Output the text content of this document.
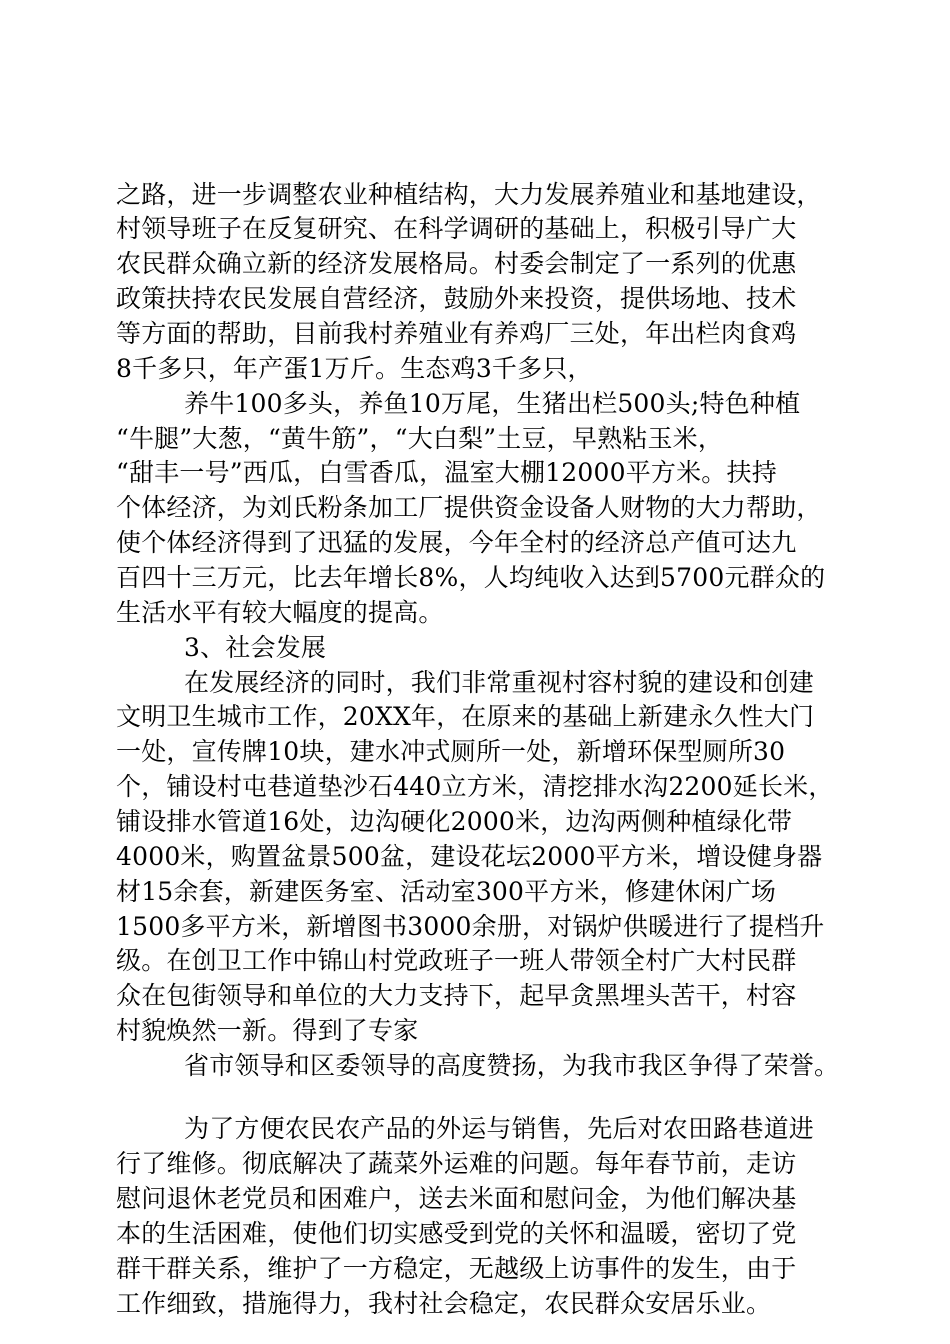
之路，进一步调整农业种植结构，大力发展养殖业和基地建设，
村领导班子在反复研究、在科学调研的基础上，积极引导广大
农民群众确立新的经济发展格局。村委会制定了一系列的优惠
政策扶持农民发展自营经济，鼓励外来投资，提供场地、技术
等方面的帮助，目前我村养殖业有养鸡厂三处，年出栏肉食鸡
8千多只，年产蛋1万斤。生态鸡3千多只，
养牛100多头，养鱼10万尾，生猪出栏500头;特色种植
“牛腿”大葱，“黄牛筋”，“大白梨”土豆，早熟粘玉米，
“甜丰一号”西瓜，白雪香瓜，温室大棚12000平方米。扶持
个体经济，为刘氏粉条加工厂提供资金设备人财物的大力帮助，
使个体经济得到了迅猛的发展，今年全村的经济总产值可达九
百四十三万元，比去年增长8%，人均纯收入达到5700元群众的
生活水平有较大幅度的提高。
3、社会发展
在发展经济的同时，我们非常重视村容村貌的建设和创建
文明卫生城市工作，20XX年，在原来的基础上新建永久性大门
一处，宣传牌10块，建水冲式厕所一处，新增环保型厕所30
个，铺设村屯巷道垫沙石440立方米，清挖排水沟2200延长米，
铺设排水管道16处，边沟硬化2000米，边沟两侧种植绿化带
4000米，购置盆景500盆，建设花坛2000平方米，增设健身器
材15余套，新建医务室、活动室300平方米，修建休闲广场
1500多平方米，新增图书3000余册，对锅炉供暖进行了提档升
级。在创卫工作中锦山村党政班子一班人带领全村广大村民群
众在包街领导和单位的大力支持下，起早贪黑埋头苦干，村容
村貌焕然一新。得到了专家
省市领导和区委领导的高度赞扬，为我市我区争得了荣誉。
为了方便农民农产品的外运与销售，先后对农田路巷道进
行了维修。彻底解决了蔬菜外运难的问题。每年春节前，走访
慰问退休老党员和困难户，送去米面和慰问金，为他们解决基
本的生活困难，使他们切实感受到党的关怀和温暖，密切了党
群干群关系，维护了一方稳定，无越级上访事件的发生，由于
工作细致，措施得力，我村社会稳定，农民群众安居乐业。
